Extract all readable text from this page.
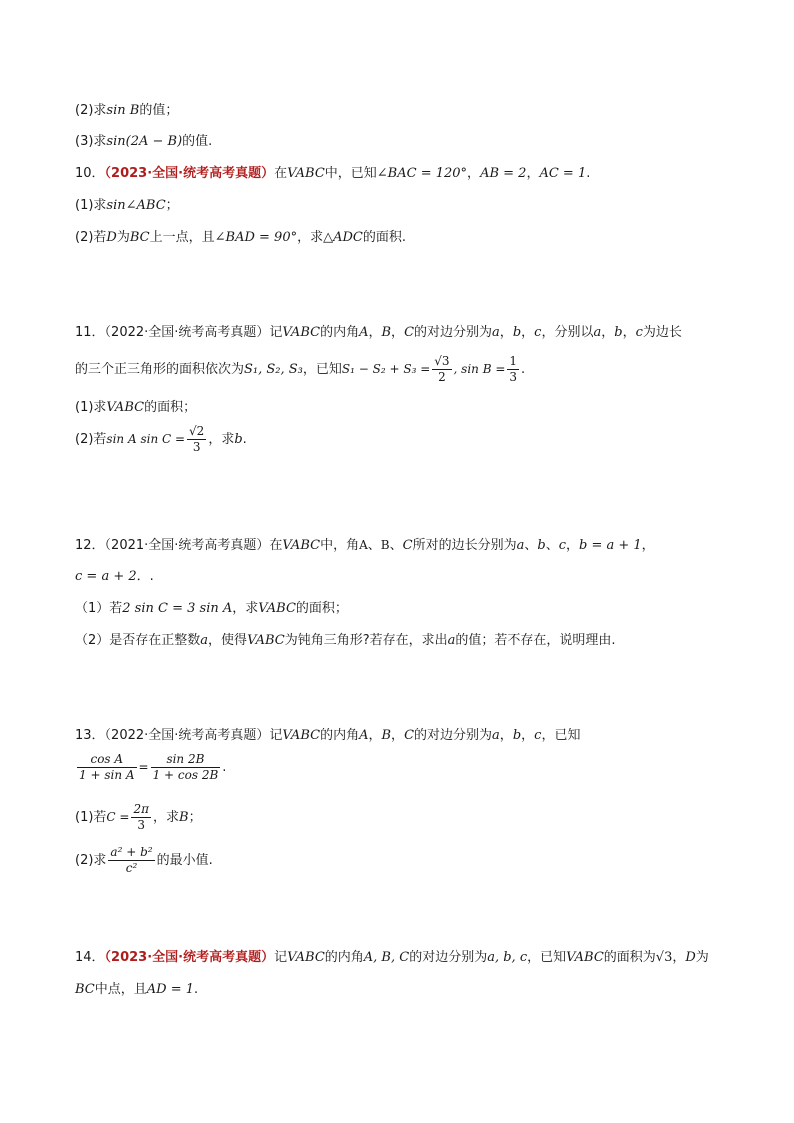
(2)求sin B的值；
(3)求sin(2A − B)的值.
10．（2023·全国·统考高考真题）在VABC中，已知∠BAC = 120°，AB = 2，AC = 1.
(1)求sin∠ABC；
(2)若D为BC上一点，且∠BAD = 90°，求△ADC的面积.
11．（2022·全国·统考高考真题）记VABC的内角A，B，C的对边分别为a，b，c，分别以a，b，c为边长
的三个正三角形的面积依次为S₁, S₂, S₃，已知$S_1 - S_2 + S_3 = \frac{√3}{2}$ , $\sin B = \frac{1}{3}$ .
(1)求VABC的面积；
(2)若sin A $\sin C = \frac{√2}{3}$ ，求b.
12．（2021·全国·统考高考真题）在VABC中，角A、B、C所对的边长分别为a、b、c，b = a + 1，
c = a + 2．.
（1）若2 sin C = 3 sin A，求VABC的面积；
（2）是否存在正整数a，使得VABC为钝角三角形?若存在，求出a的值；若不存在，说明理由.
13．（2022·全国·统考高考真题）记VABC的内角A，B，C的对边分别为a，b，c，已知
$\frac{\text{cos A}}{\text{1 + sin A}} = \frac{\sin 2B}{1 + \cos 2B}$ .
(1)若$C = \frac{2\pi}{3}$ ，求B；
(2)求 $\frac{\text{a² + b²}}{\text{c²}}$ 的最小值.
14．（2023·全国·统考高考真题）记VABC的内角A, B, C的对边分别为a, b, c，已知VABC的面积为√3，D为
BC中点，且AD = 1.
